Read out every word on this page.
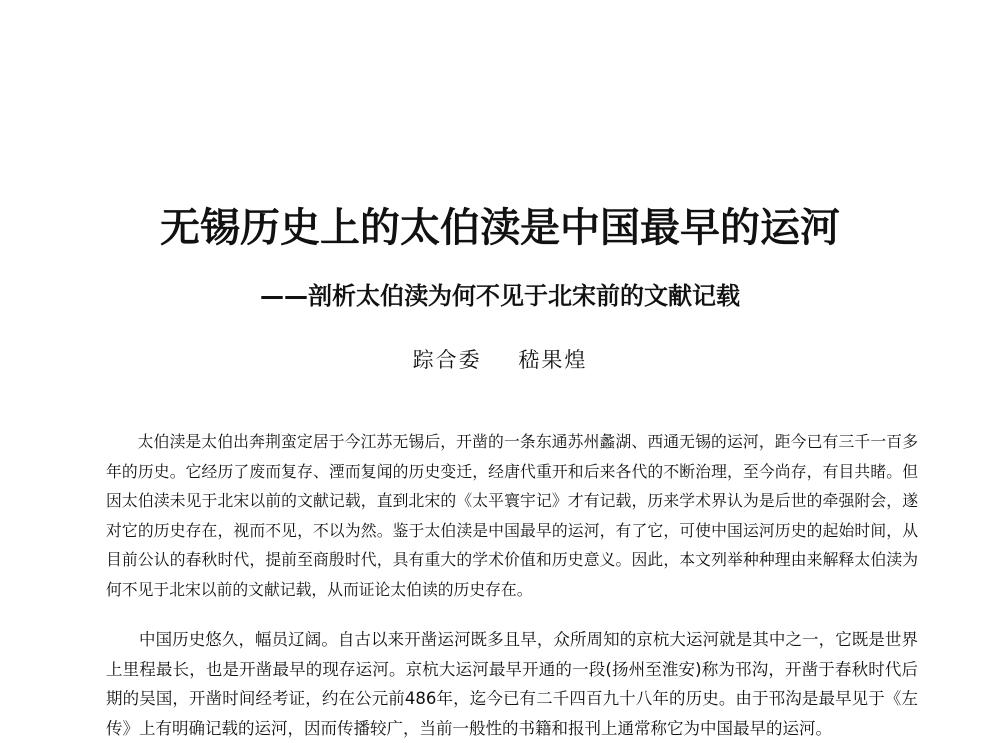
无锡历史上的太伯渎是中国最早的运河
——剖析太伯渎为何不见于北宋前的文献记载
踪合委 嵇果煌

太伯渎是太伯出奔荆蛮定居于今江苏无锡后，开凿的一条东通苏州蠡湖、西通无锡的运河，距今已有三千一百多年的历史。它经历了废而复存、湮而复闻的历史变迁，经唐代重开和后来各代的不断治理，至今尚存，有目共睹。但因太伯渎未见于北宋以前的文献记载，直到北宋的《太平寰宇记》才有记载，历来学术界认为是后世的牵强附会，遂对它的历史存在，视而不见，不以为然。鉴于太伯渎是中国最早的运河，有了它，可使中国运河历史的起始时间，从目前公认的春秋时代，提前至商殷时代，具有重大的学术价值和历史意义。因此，本文列举种种理由来解释太伯渎为何不见于北宋以前的文献记载，从而证论太伯读的历史存在。

中国历史悠久，幅员辽阔。自古以来开凿运河既多且早，众所周知的京杭大运河就是其中之一，它既是世界上里程最长，也是开凿最早的现存运河。京杭大运河最早开通的一段(扬州至淮安)称为邗沟，开凿于春秋时代后期的吴国，开凿时间经考证，约在公元前486年，迄今已有二千四百九十八年的历史。由于邗沟是最早见于《左传》上有明确记载的运河，因而传播较广，当前一般性的书籍和报刊上通常称它为中国最早的运河。
